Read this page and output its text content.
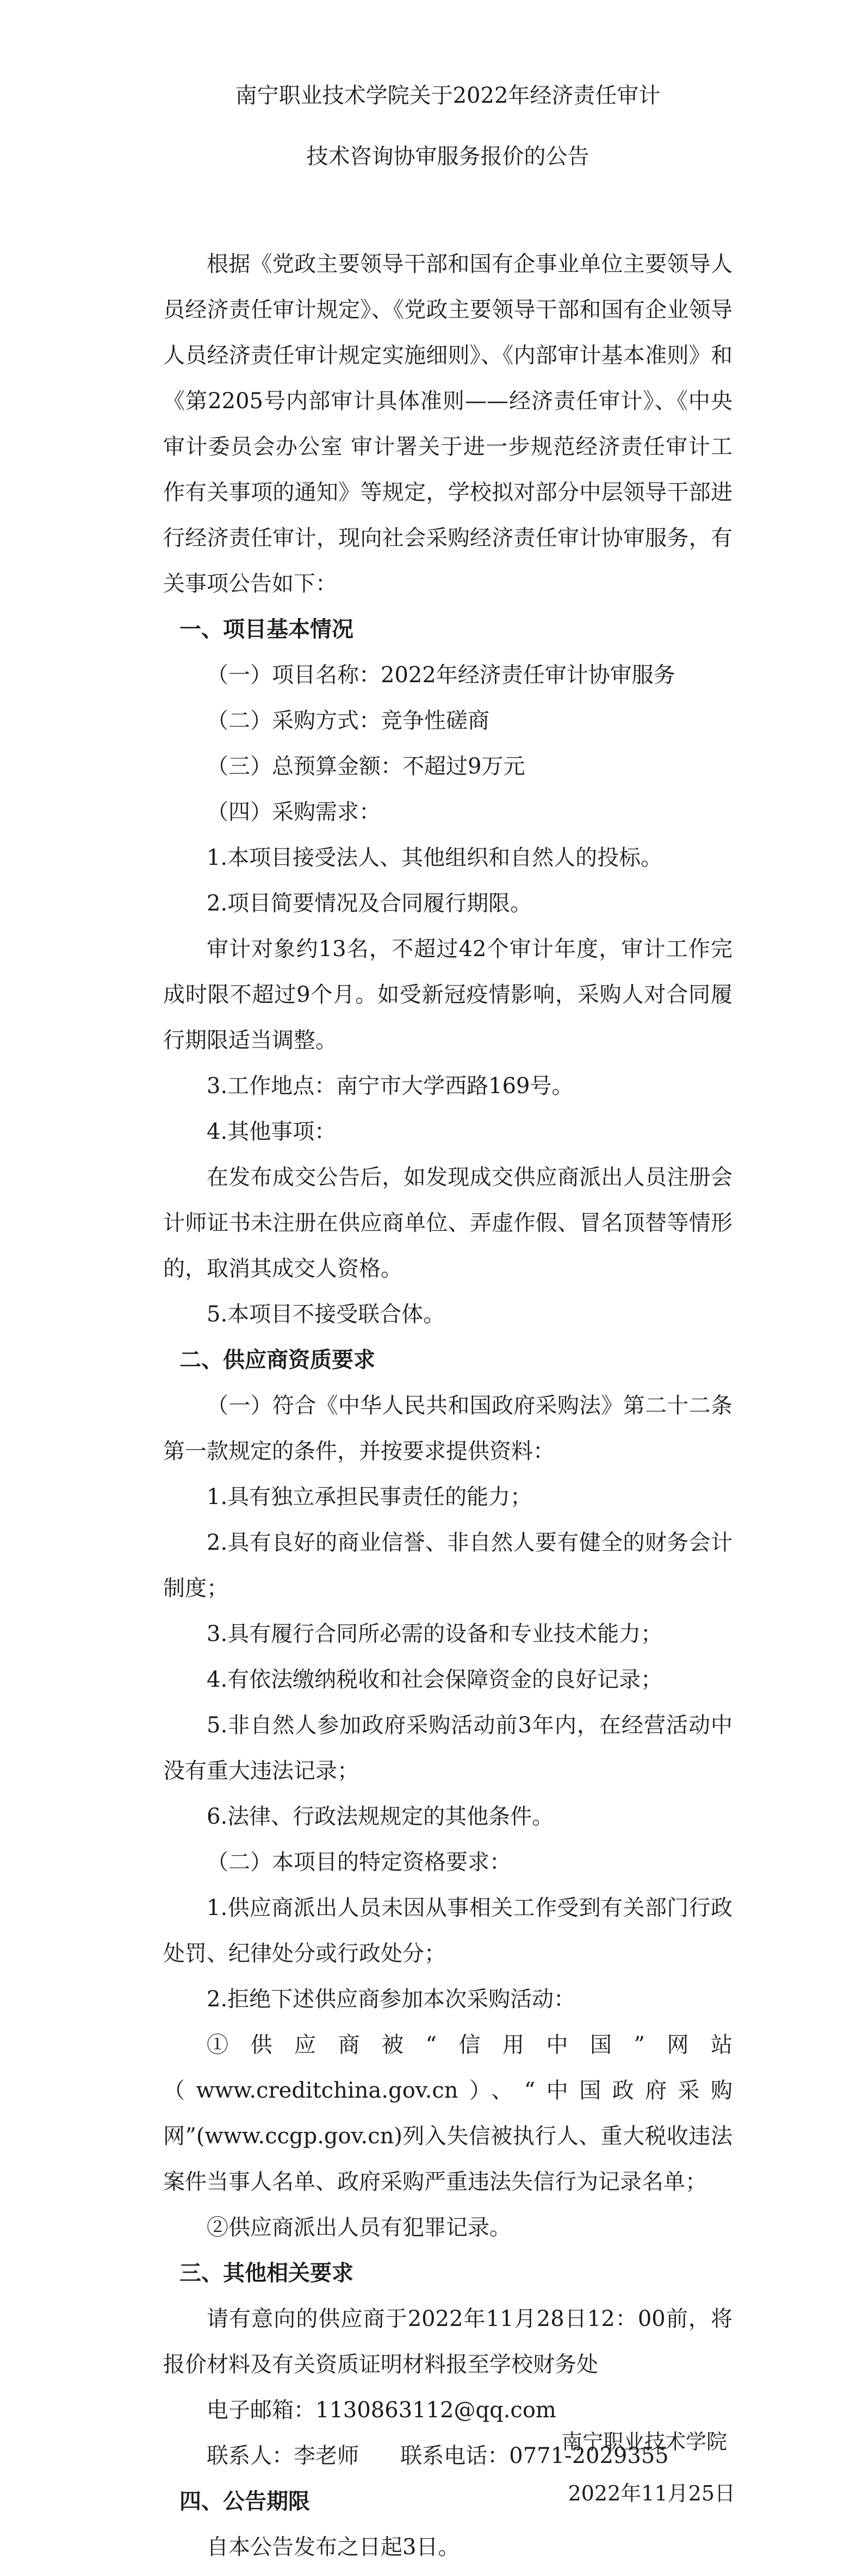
南宁职业技术学院关于2022年经济责任审计
技术咨询协审服务报价的公告

根据《党政主要领导干部和国有企事业单位主要领导人员经济责任审计规定》、《党政主要领导干部和国有企业领导人员经济责任审计规定实施细则》、《内部审计基本准则》和《第2205号内部审计具体准则——经济责任审计》、《中央审计委员会办公室 审计署关于进一步规范经济责任审计工作有关事项的通知》等规定，学校拟对部分中层领导干部进行经济责任审计，现向社会采购经济责任审计协审服务，有关事项公告如下：

一、项目基本情况

（一）项目名称：2022年经济责任审计协审服务

（二）采购方式：竞争性磋商

（三）总预算金额：不超过9万元

（四）采购需求：

1.本项目接受法人、其他组织和自然人的投标。

2.项目简要情况及合同履行期限。

审计对象约13名，不超过42个审计年度，审计工作完成时限不超过9个月。如受新冠疫情影响，采购人对合同履行期限适当调整。

3.工作地点：南宁市大学西路169号。

4.其他事项：

在发布成交公告后，如发现成交供应商派出人员注册会计师证书未注册在供应商单位、弄虚作假、冒名顶替等情形的，取消其成交人资格。

5.本项目不接受联合体。

二、供应商资质要求

（一）符合《中华人民共和国政府采购法》第二十二条第一款规定的条件，并按要求提供资料：

1.具有独立承担民事责任的能力；

2.具有良好的商业信誉、非自然人要有健全的财务会计制度；

3.具有履行合同所必需的设备和专业技术能力；

4.有依法缴纳税收和社会保障资金的良好记录；

5.非自然人参加政府采购活动前3年内，在经营活动中没有重大违法记录；

6.法律、行政法规规定的其他条件。

（二）本项目的特定资格要求：

1.供应商派出人员未因从事相关工作受到有关部门行政处罚、纪律处分或行政处分；

2.拒绝下述供应商参加本次采购活动：

①供应商被“信用中国”网站（www.creditchina.gov.cn）、“中国政府采购网”(www.ccgp.gov.cn)列入失信被执行人、重大税收违法案件当事人名单、政府采购严重违法失信行为记录名单；

②供应商派出人员有犯罪记录。

三、其他相关要求

请有意向的供应商于2022年11月28日12：00前，将报价材料及有关资质证明材料报至学校财务处

电子邮箱：1130863112@qq.com

联系人：李老师      联系电话：0771-2029355

四、公告期限

自本公告发布之日起3日。

南宁职业技术学院

2022年11月25日
